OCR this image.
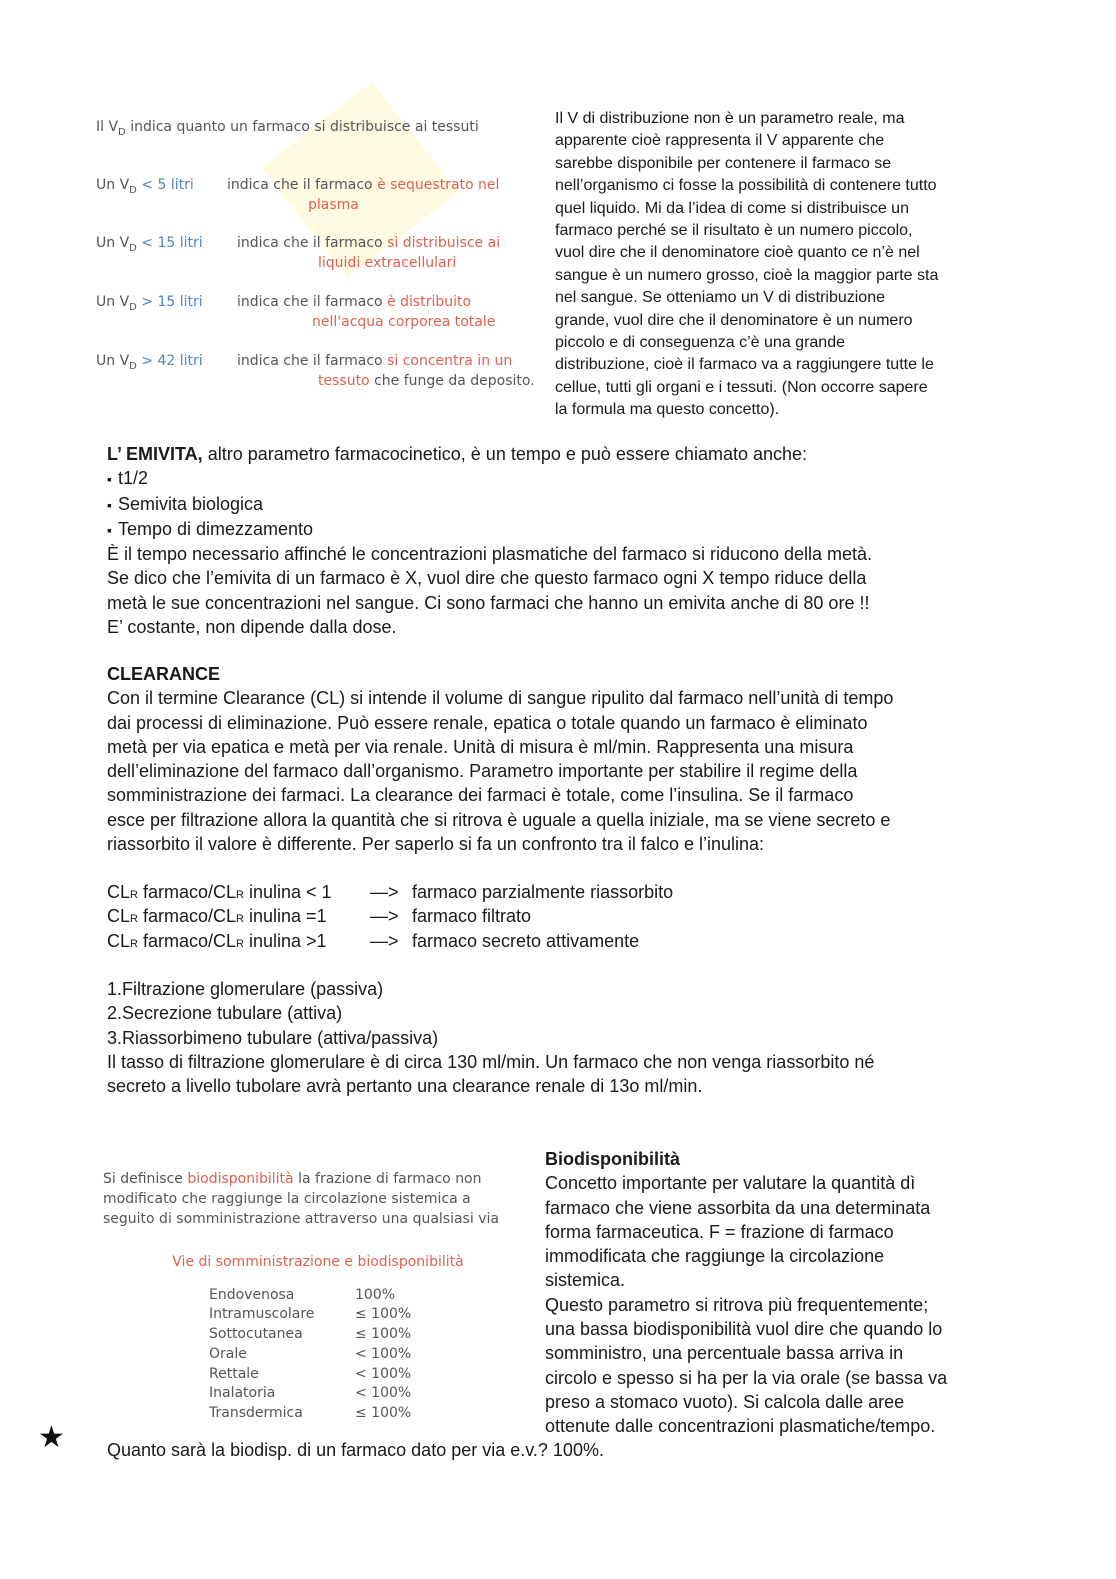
Il $V_D$ indica quanto un farmaco si distribuisce ai tessuti
Un $V_D < 5$ litri indica che il farmaco è sequestrato nel
plasma
Un $V_D < 15$ litri indica che il farmaco si distribuisce ai
liquidi extracellulari
Un $V_D > 15$ litri indica che il farmaco è distribuito
nell'acqua corporea totale
Un $V_D > 42$ litri indica che il farmaco si concentra in un
tessuto che funge da deposito.
Il V di distribuzione non è un parametro reale, ma
apparente cioè rappresenta il V apparente che
sarebbe disponibile per contenere il farmaco se
nell’organismo ci fosse la possibilità di contenere tutto
quel liquido. Mi da l’idea di come si distribuisce un
farmaco perché se il risultato è un numero piccolo,
vuol dire che il denominatore cioè quanto ce n’è nel
sangue è un numero grosso, cioè la maggior parte sta
nel sangue. Se otteniamo un V di distribuzione
grande, vuol dire che il denominatore è un numero
piccolo e di conseguenza c’è una grande
distribuzione, cioè il farmaco va a raggiungere tutte le
cellue, tutti gli organi e i tessuti. (Non occorre sapere
la formula ma questo concetto).
L’ EMIVITA, altro parametro farmacocinetico, è un tempo e può essere chiamato anche:
▪ t1/2
▪ Semivita biologica
▪ Tempo di dimezzamento
È il tempo necessario affinché le concentrazioni plasmatiche del farmaco si riducono della metà.
Se dico che l’emivita di un farmaco è X, vuol dire che questo farmaco ogni X tempo riduce della
metà le sue concentrazioni nel sangue. Ci sono farmaci che hanno un emivita anche di 80 ore !!
E’ costante, non dipende dalla dose.
CLEARANCE
Con il termine Clearance (CL) si intende il volume di sangue ripulito dal farmaco nell’unità di tempo
dai processi di eliminazione. Può essere renale, epatica o totale quando un farmaco è eliminato
metà per via epatica e metà per via renale. Unità di misura è ml/min. Rappresenta una misura
dell’eliminazione del farmaco dall’organismo. Parametro importante per stabilire il regime della
somministrazione dei farmaci. La clearance dei farmaci è totale, come l’insulina. Se il farmaco
esce per filtrazione allora la quantità che si ritrova è uguale a quella iniziale, ma se viene secreto e
riassorbito il valore è differente. Per saperlo si fa un confronto tra il falco e l’inulina:
CLR farmaco/CLR inulina < 1 —> farmaco parzialmente riassorbito
CLR farmaco/CLR inulina =1 —> farmaco filtrato
CLR farmaco/CLR inulina >1 —> farmaco secreto attivamente
1.Filtrazione glomerulare (passiva)
2.Secrezione tubulare (attiva)
3.Riassorbimeno tubulare (attiva/passiva)
Il tasso di filtrazione glomerulare è di circa 130 ml/min. Un farmaco che non venga riassorbito né
secreto a livello tubolare avrà pertanto una clearance renale di 13o ml/min.
Si definisce biodisponibilità la frazione di farmaco non
modificato che raggiunge la circolazione sistemica a
seguito di somministrazione attraverso una qualsiasi via
Vie di somministrazione e biodisponibilità
Endovenosa	100%
Intramuscolare	≤ 100%
Sottocutanea	≤ 100%
Orale	< 100%
Rettale	< 100%
Inalatoria	< 100%
Transdermica	≤ 100%
Biodisponibilità
Concetto importante per valutare la quantità dì
farmaco che viene assorbita da una determinata
forma farmaceutica. F = frazione di farmaco
immodificata che raggiunge la circolazione
sistemica.
Questo parametro si ritrova più frequentemente;
una bassa biodisponibilità vuol dire che quando lo
somministro, una percentuale bassa arriva in
circolo e spesso si ha per la via orale (se bassa va
preso a stomaco vuoto). Si calcola dalle aree
ottenute dalle concentrazioni plasmatiche/tempo.
Quanto sarà la biodisp. di un farmaco dato per via e.v.? 100%.
★
